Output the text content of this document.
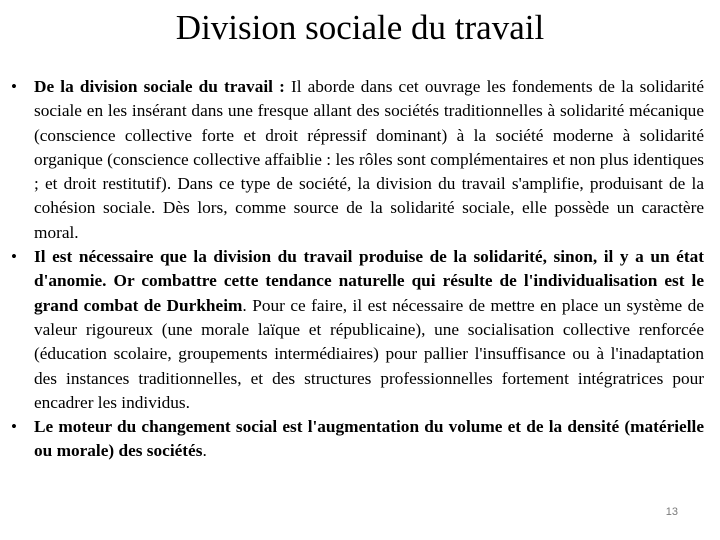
Division sociale du travail
• De la division sociale du travail : Il aborde dans cet ouvrage les fondements de la solidarité sociale en les insérant dans une fresque allant des sociétés traditionnelles à solidarité mécanique (conscience collective forte et droit répressif dominant) à la société moderne à solidarité organique (conscience collective affaiblie : les rôles sont complémentaires et non plus identiques ; et droit restitutif). Dans ce type de société, la division du travail s'amplifie, produisant de la cohésion sociale. Dès lors, comme source de la solidarité sociale, elle possède un caractère moral.
• Il est nécessaire que la division du travail produise de la solidarité, sinon, il y a un état d'anomie. Or combattre cette tendance naturelle qui résulte de l'individualisation est le grand combat de Durkheim. Pour ce faire, il est nécessaire de mettre en place un système de valeur rigoureux (une morale laïque et républicaine), une socialisation collective renforcée (éducation scolaire, groupements intermédiaires) pour pallier l'insuffisance ou à l'inadaptation des instances traditionnelles, et des structures professionnelles fortement intégratrices pour encadrer les individus.
• Le moteur du changement social est l'augmentation du volume et de la densité (matérielle ou morale) des sociétés.
13
